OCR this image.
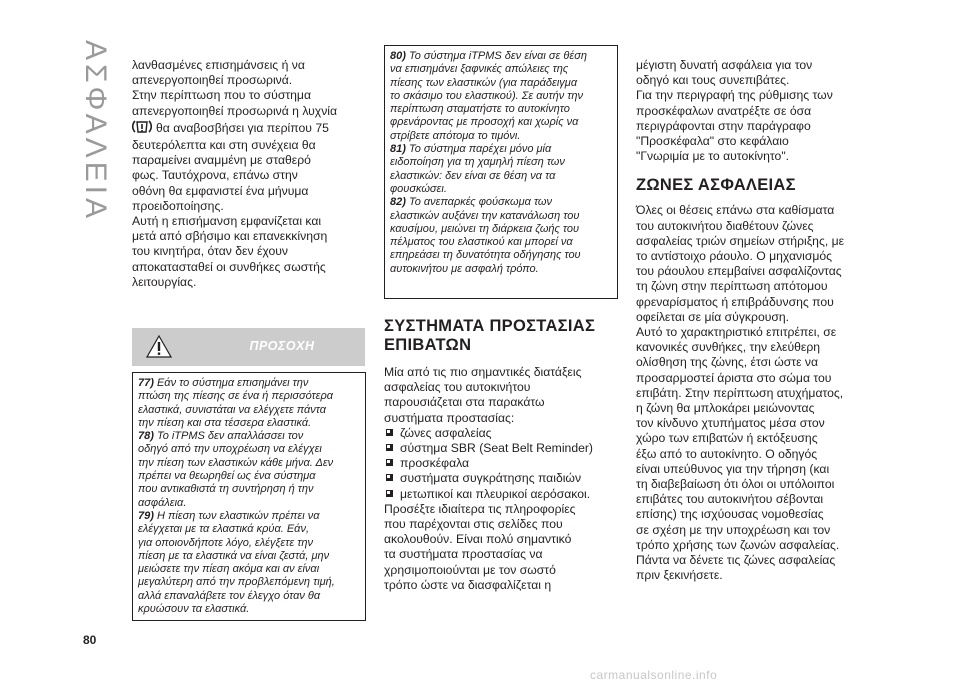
ΑΣΦΑΛΕΙΑ λανθασμένες επισημάνσεις ή να
απενεργοποιηθεί προσωρινά.

Στην περίπτωση που το σύστημα
απενεργοποιηθεί προσωρινά η λυχνία
θα αναβοσβήσει για περίπου 75
δευτερόλεπτα και στη συνέχεια θα
παραμείνει αναμμένη με σταθερό
φως. Ταυτόχρονα, επάνω στην
οθόνη θα εμφανιστεί ένα μήνυμα
προειδοποίησης.

Αυτή η επισήμανση εμφανίζεται και
μετά από σβήσιμο και επανεκκίνηση
του κινητήρα, όταν δεν έχουν
αποκατασταθεί οι συνθήκες σωστής
λειτουργίας.

ΠΡΟΣΟΧΗ
77) Εάν το σύστημα επισημάνει την
πτώση της πίεσης σε ένα ή περισσότερα
ελαστικά, συνιστάται να ελέγχετε πάντα
την πίεση και στα τέσσερα ελαστικά.
78) Το iTPMS δεν απαλλάσσει τον
οδηγό από την υποχρέωση να ελέγχει
την πίεση των ελαστικών κάθε μήνα. Δεν
πρέπει να θεωρηθεί ως ένα σύστημα
που αντικαθιστά τη συντήρηση ή την
ασφάλεια.
79) Η πίεση των ελαστικών πρέπει να
ελέγχεται με τα ελαστικά κρύα. Εάν,
για οποιονδήποτε λόγο, ελέγξετε την
πίεση με τα ελαστικά να είναι ζεστά, μην
μειώσετε την πίεση ακόμα και αν είναι
μεγαλύτερη από την προβλεπόμενη τιμή,
αλλά επαναλάβετε τον έλεγχο όταν θα
κρυώσουν τα ελαστικά.
80) Το σύστημα iTPMS δεν είναι σε θέση
να επισημάνει ξαφνικές απώλειες της
πίεσης των ελαστικών (για παράδειγμα
το σκάσιμο του ελαστικού). Σε αυτήν την
περίπτωση σταματήστε το αυτοκίνητο
φρενάροντας με προσοχή και χωρίς να
στρίβετε απότομα το τιμόνι.
81) Το σύστημα παρέχει μόνο μία
ειδοποίηση για τη χαμηλή πίεση των
ελαστικών: δεν είναι σε θέση να τα
φουσκώσει.
82) Το ανεπαρκές φούσκωμα των
ελαστικών αυξάνει την κατανάλωση του
καυσίμου, μειώνει τη διάρκεια ζωής του
πέλματος του ελαστικού και μπορεί να
επηρεάσει τη δυνατότητα οδήγησης του
αυτοκινήτου με ασφαλή τρόπο.
ΣΥΣΤΗΜΑΤΑ ΠΡΟΣΤΑΣΙΑΣ
ΕΠΙΒΑΤΩΝ

Μία από τις πιο σημαντικές διατάξεις
ασφαλείας του αυτοκινήτου
παρουσιάζεται στα παρακάτω
συστήματα προστασίας:

ζώνες ασφαλείας
σύστημα SBR (Seat Belt Reminder)
προσκέφαλα
συστήματα συγκράτησης παιδιών
μετωπικοί και πλευρικοί αερόσακοι.

Προσέξτε ιδιαίτερα τις πληροφορίες
που παρέχονται στις σελίδες που
ακολουθούν. Είναι πολύ σημαντικό
τα συστήματα προστασίας να
χρησιμοποιούνται με τον σωστό
τρόπο ώστε να διασφαλίζεται η

μέγιστη δυνατή ασφάλεια για τον
οδηγό και τους συνεπιβάτες.
Για την περιγραφή της ρύθμισης των
προσκέφαλων ανατρέξτε σε όσα
περιγράφονται στην παράγραφο
"Προσκέφαλα" στο κεφάλαιο
"Γνωριμία με το αυτοκίνητο".

ΖΩΝΕΣ ΑΣΦΑΛΕΙΑΣ

Όλες οι θέσεις επάνω στα καθίσματα
του αυτοκινήτου διαθέτουν ζώνες
ασφαλείας τριών σημείων στήριξης, με
το αντίστοιχο ράουλο. Ο μηχανισμός
του ράουλου επεμβαίνει ασφαλίζοντας
τη ζώνη στην περίπτωση απότομου
φρεναρίσματος ή επιβράδυνσης που
οφείλεται σε μία σύγκρουση.
Αυτό το χαρακτηριστικό επιτρέπει, σε
κανονικές συνθήκες, την ελεύθερη
ολίσθηση της ζώνης, έτσι ώστε να
προσαρμοστεί άριστα στο σώμα του
επιβάτη. Στην περίπτωση ατυχήματος,
η ζώνη θα μπλοκάρει μειώνοντας
τον κίνδυνο χτυπήματος μέσα στον
χώρο των επιβατών ή εκτόξευσης
έξω από το αυτοκίνητο. Ο οδηγός
είναι υπεύθυνος για την τήρηση (και
τη διαβεβαίωση ότι όλοι οι υπόλοιποι
επιβάτες του αυτοκινήτου σέβονται
επίσης) της ισχύουσας νομοθεσίας
σε σχέση με την υποχρέωση και τον
τρόπο χρήσης των ζωνών ασφαλείας.
Πάντα να δένετε τις ζώνες ασφαλείας
πριν ξεκινήσετε.

80
carmanualsonline.info
